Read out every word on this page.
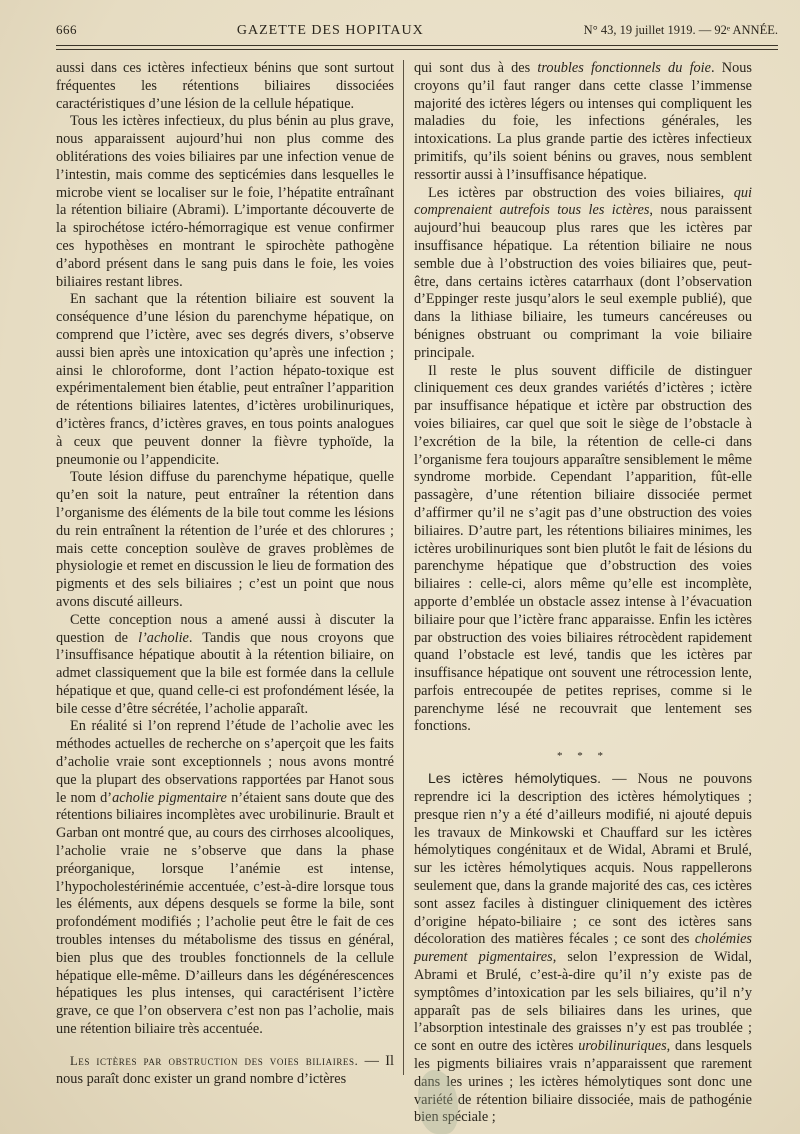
666	GAZETTE DES HOPITAUX	N° 43, 19 juillet 1919. — 92ᵉ ANNÉE.

aussi dans ces ictères infectieux bénins que sont surtout fréquentes les rétentions biliaires dissociées caractéristiques d’une lésion de la cellule hépatique.

Tous les ictères infectieux, du plus bénin au plus grave, nous apparaissent aujourd’hui non plus comme des oblitérations des voies biliaires par une infection venue de l’intestin, mais comme des septicémies dans lesquelles le microbe vient se localiser sur le foie, l’hépatite entraînant la rétention biliaire (Abrami). L’importante découverte de la spirochétose ictéro-hémorragique est venue confirmer ces hypothèses en montrant le spirochète pathogène d’abord présent dans le sang puis dans le foie, les voies biliaires restant libres.

En sachant que la rétention biliaire est souvent la conséquence d’une lésion du parenchyme hépatique, on comprend que l’ictère, avec ses degrés divers, s’observe aussi bien après une intoxication qu’après une infection ; ainsi le chloroforme, dont l’action hépato-toxique est expérimentalement bien établie, peut entraîner l’apparition de rétentions biliaires latentes, d’ictères urobilinuriques, d’ictères francs, d’ictères graves, en tous points analogues à ceux que peuvent donner la fièvre typhoïde, la pneumonie ou l’appendicite.

Toute lésion diffuse du parenchyme hépatique, quelle qu’en soit la nature, peut entraîner la rétention dans l’organisme des éléments de la bile tout comme les lésions du rein entraînent la rétention de l’urée et des chlorures ; mais cette conception soulève de graves problèmes de physiologie et remet en discussion le lieu de formation des pigments et des sels biliaires ; c’est un point que nous avons discuté ailleurs.

Cette conception nous a amené aussi à discuter la question de l’acholie. Tandis que nous croyons que l’insuffisance hépatique aboutit à la rétention biliaire, on admet classiquement que la bile est formée dans la cellule hépatique et que, quand celle-ci est profondément lésée, la bile cesse d’être sécrétée, l’acholie apparaît.

En réalité si l’on reprend l’étude de l’acholie avec les méthodes actuelles de recherche on s’aperçoit que les faits d’acholie vraie sont exceptionnels ; nous avons montré que la plupart des observations rapportées par Hanot sous le nom d’acholie pigmentaire n’étaient sans doute que des rétentions biliaires incomplètes avec urobilinurie. Brault et Garban ont montré que, au cours des cirrhoses alcooliques, l’acholie vraie ne s’observe que dans la phase préorganique, lorsque l’anémie est intense, l’hypocholestérinémie accentuée, c’est-à-dire lorsque tous les éléments, aux dépens desquels se forme la bile, sont profondément modifiés ; l’acholie peut être le fait de ces troubles intenses du métabolisme des tissus en général, bien plus que des troubles fonctionnels de la cellule hépatique elle-même. D’ailleurs dans les dégénérescences hépatiques les plus intenses, qui caractérisent l’ictère grave, ce que l’on observera c’est non pas l’acholie, mais une rétention biliaire très accentuée.

Les ictères par obstruction des voies biliaires. — Il nous paraît donc exister un grand nombre d’ictères

qui sont dus à des troubles fonctionnels du foie. Nous croyons qu’il faut ranger dans cette classe l’immense majorité des ictères légers ou intenses qui compliquent les maladies du foie, les infections générales, les intoxications. La plus grande partie des ictères infectieux primitifs, qu’ils soient bénins ou graves, nous semblent ressortir aussi à l’insuffisance hépatique.

Les ictères par obstruction des voies biliaires, qui comprenaient autrefois tous les ictères, nous paraissent aujourd’hui beaucoup plus rares que les ictères par insuffisance hépatique. La rétention biliaire ne nous semble due à l’obstruction des voies biliaires que, peut-être, dans certains ictères catarrhaux (dont l’observation d’Eppinger reste jusqu’alors le seul exemple publié), que dans la lithiase biliaire, les tumeurs cancéreuses ou bénignes obstruant ou comprimant la voie biliaire principale.

Il reste le plus souvent difficile de distinguer cliniquement ces deux grandes variétés d’ictères ; ictère par insuffisance hépatique et ictère par obstruction des voies biliaires, car quel que soit le siège de l’obstacle à l’excrétion de la bile, la rétention de celle-ci dans l’organisme fera toujours apparaître sensiblement le même syndrome morbide. Cependant l’apparition, fût-elle passagère, d’une rétention biliaire dissociée permet d’affirmer qu’il ne s’agit pas d’une obstruction des voies biliaires. D’autre part, les rétentions biliaires minimes, les ictères urobilinuriques sont bien plutôt le fait de lésions du parenchyme hépatique que d’obstruction des voies biliaires : celle-ci, alors même qu’elle est incomplète, apporte d’emblée un obstacle assez intense à l’évacuation biliaire pour que l’ictère franc apparaisse. Enfin les ictères par obstruction des voies biliaires rétrocèdent rapidement quand l’obstacle est levé, tandis que les ictères par insuffisance hépatique ont souvent une rétrocession lente, parfois entrecoupée de petites reprises, comme si le parenchyme lésé ne recouvrait que lentement ses fonctions.

* * *

Les ictères hémolytiques. — Nous ne pouvons reprendre ici la description des ictères hémolytiques ; presque rien n’y a été d’ailleurs modifié, ni ajouté depuis les travaux de Minkowski et Chauffard sur les ictères hémolytiques congénitaux et de Widal, Abrami et Brulé, sur les ictères hémolytiques acquis. Nous rappellerons seulement que, dans la grande majorité des cas, ces ictères sont assez faciles à distinguer cliniquement des ictères d’origine hépato-biliaire ; ce sont des ictères sans décoloration des matières fécales ; ce sont des cholémies purement pigmentaires, selon l’expression de Widal, Abrami et Brulé, c’est-à-dire qu’il n’y existe pas de symptômes d’intoxication par les sels biliaires, qu’il n’y apparaît pas de sels biliaires dans les urines, que l’absorption intestinale des graisses n’y est pas troublée ; ce sont en outre des ictères urobilinuriques, dans lesquels les pigments biliaires vrais n’apparaissent que rarement dans les urines ; les ictères hémolytiques sont donc une variété de rétention biliaire dissociée, mais de pathogénie bien spéciale ;
